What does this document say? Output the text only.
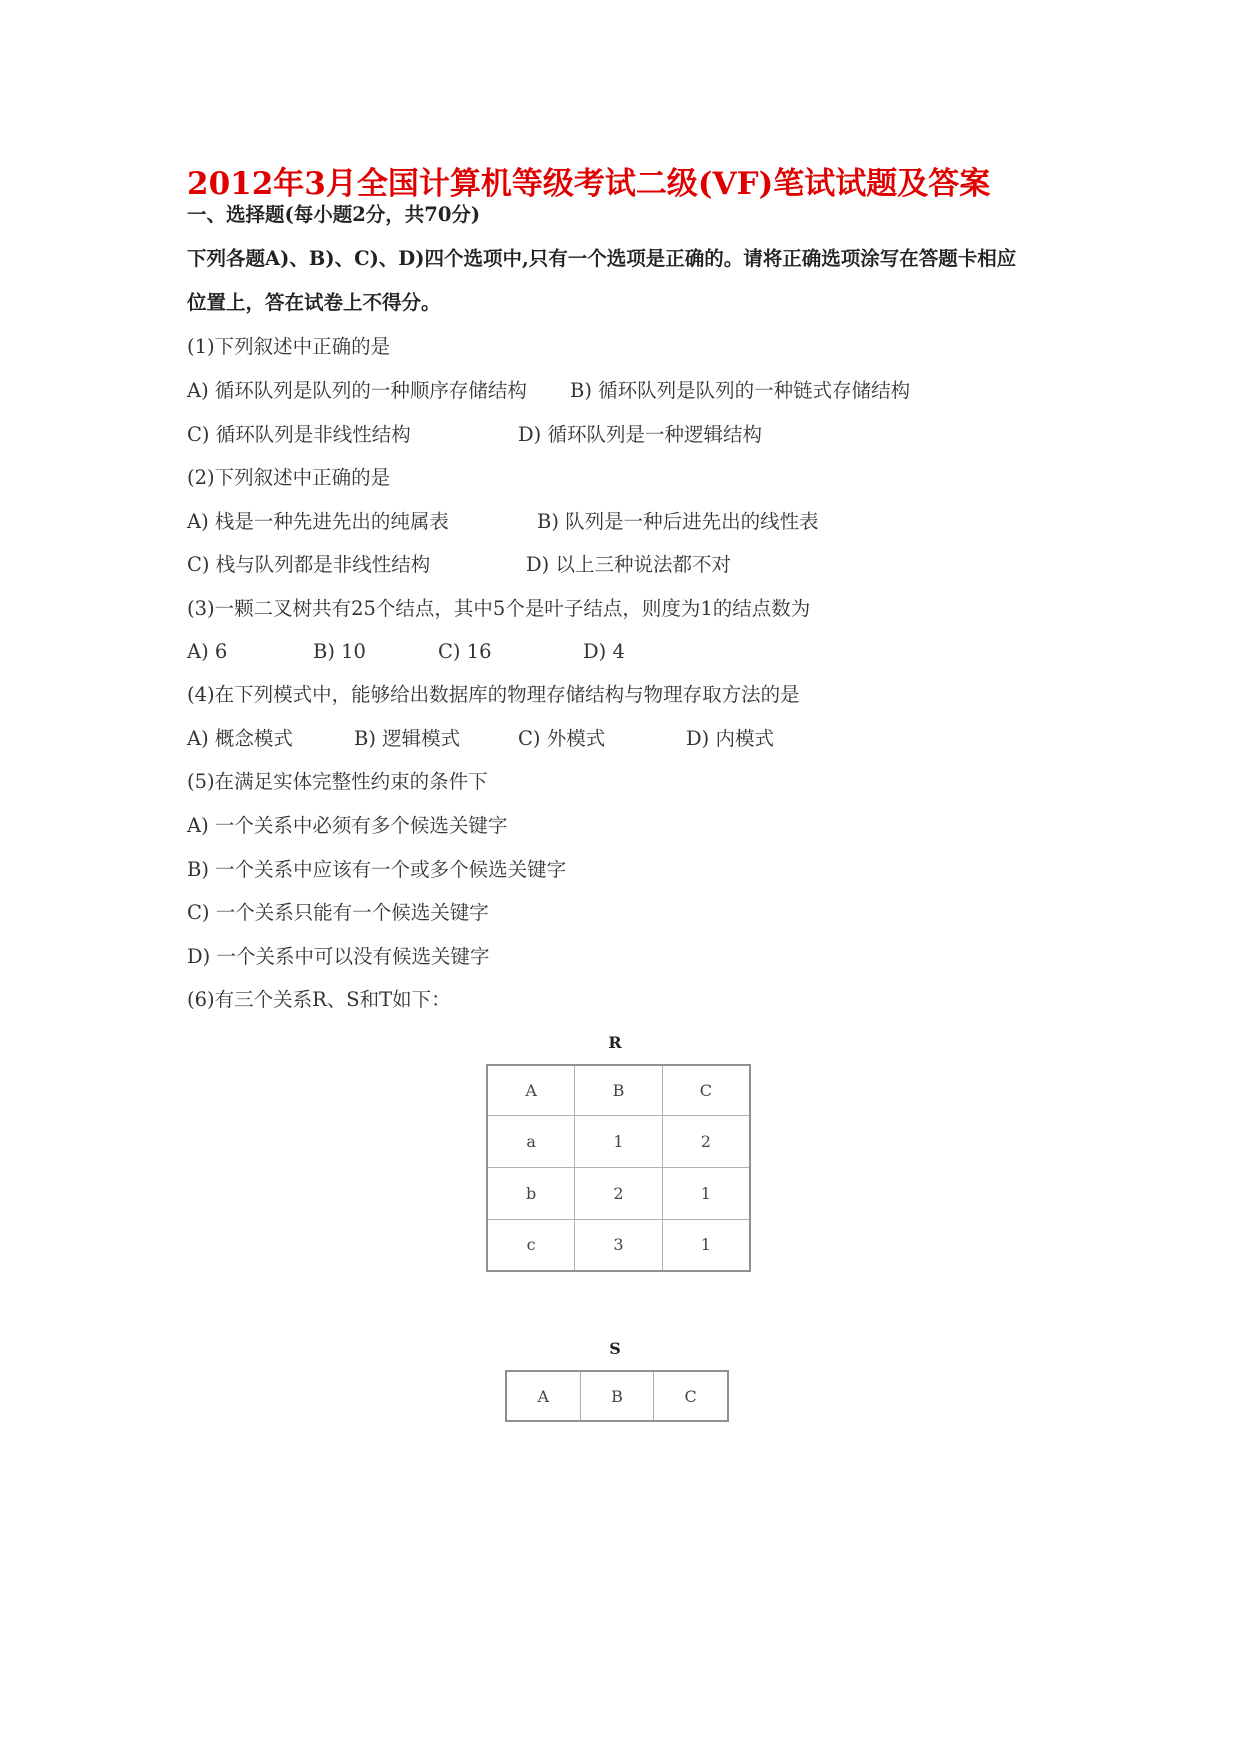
2012年3月全国计算机等级考试二级(VF)笔试试题及答案
一、选择题(每小题2分，共70分)
下列各题A)、B)、C)、D)四个选项中,只有一个选项是正确的。请将正确选项涂写在答题卡相应
位置上，答在试卷上不得分。
(1)下列叙述中正确的是
A) 循环队列是队列的一种顺序存储结构 B) 循环队列是队列的一种链式存储结构
C) 循环队列是非线性结构	D) 循环队列是一种逻辑结构
(2)下列叙述中正确的是
A) 栈是一种先进先出的纯属表	B) 队列是一种后进先出的线性表
C) 栈与队列都是非线性结构	D) 以上三种说法都不对
(3)一颗二叉树共有25个结点，其中5个是叶子结点，则度为1的结点数为
A) 6	B) 10	C) 16	D) 4
(4)在下列模式中，能够给出数据库的物理存储结构与物理存取方法的是
A) 概念模式	B) 逻辑模式	C) 外模式	D) 内模式
(5)在满足实体完整性约束的条件下
A) 一个关系中必须有多个候选关键字
B) 一个关系中应该有一个或多个候选关键字
C) 一个关系只能有一个候选关键字
D) 一个关系中可以没有候选关键字
(6)有三个关系R、S和T如下：
R
A	B	C
a	1	2
b	2	1
c	3	1
S
A	B	C
